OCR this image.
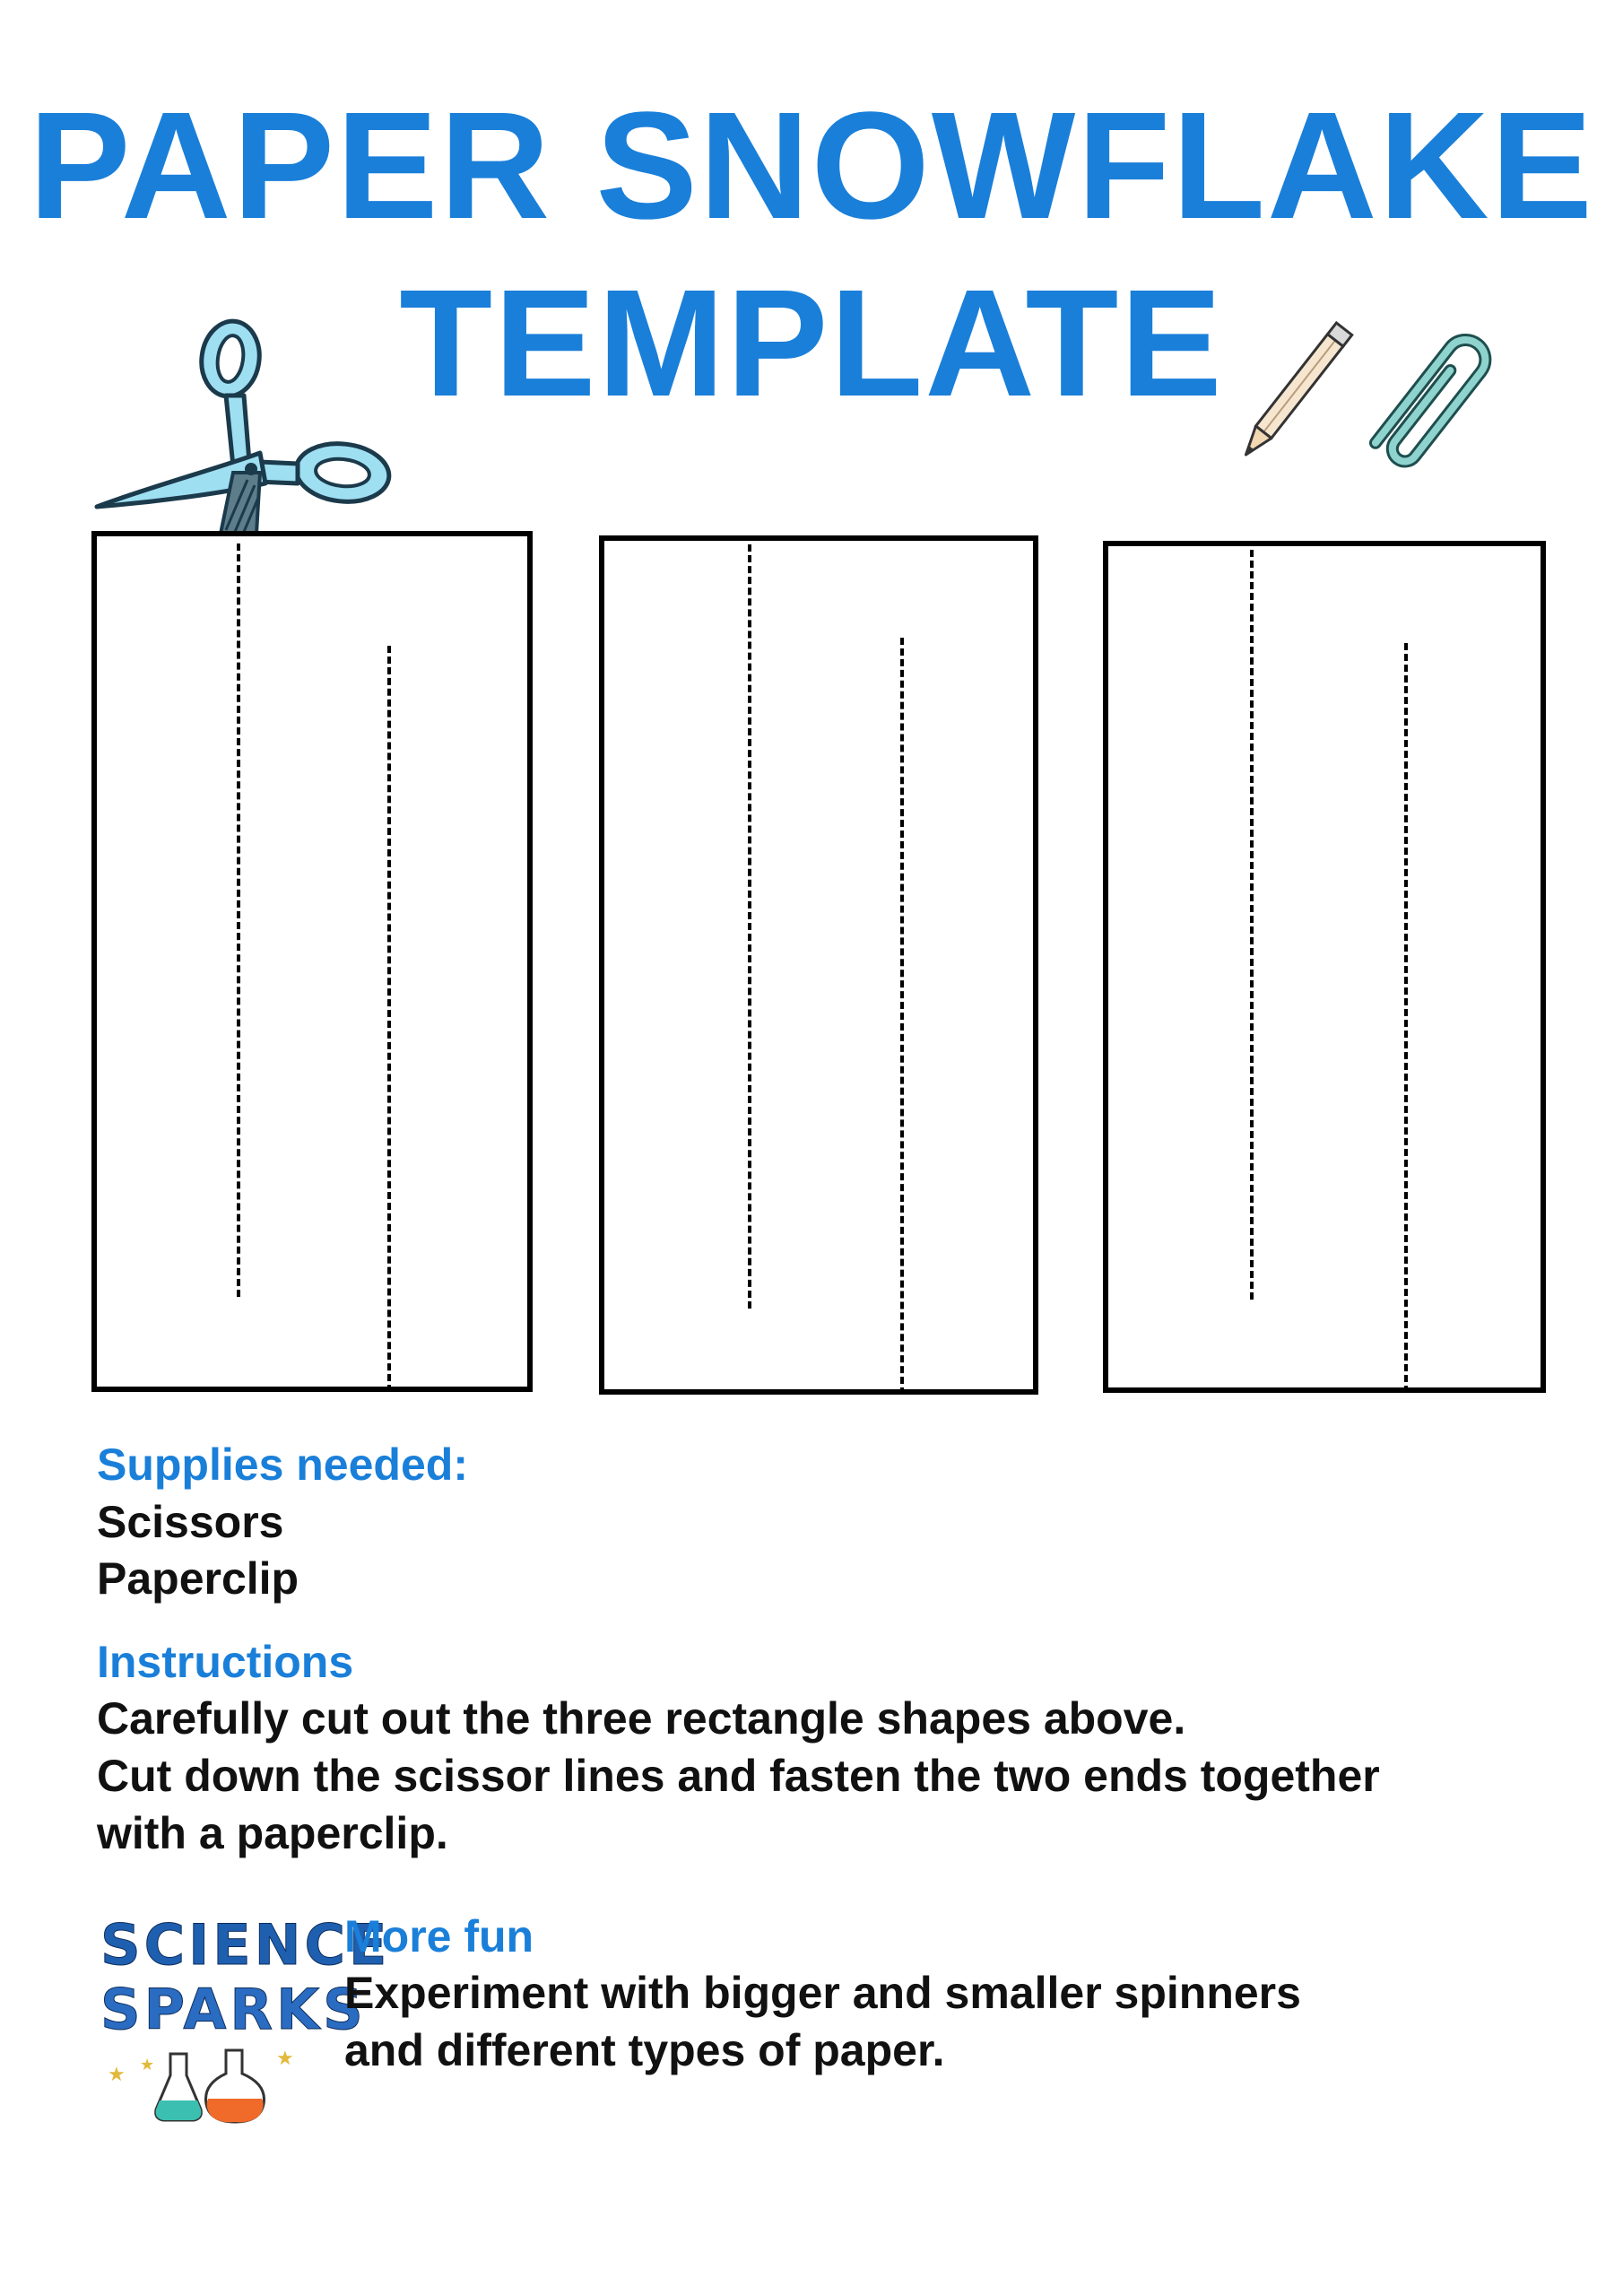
PAPER SNOWFLAKE
TEMPLATE
Supplies needed:

Scissors

Paperclip

Instructions

Carefully cut out the three rectangle shapes above.

Cut down the scissor lines and fasten the two ends together

with a paperclip.

SCIENCE
SPARKS
★ ★	★
More fun

Experiment with bigger and smaller spinners

and different types of paper.
